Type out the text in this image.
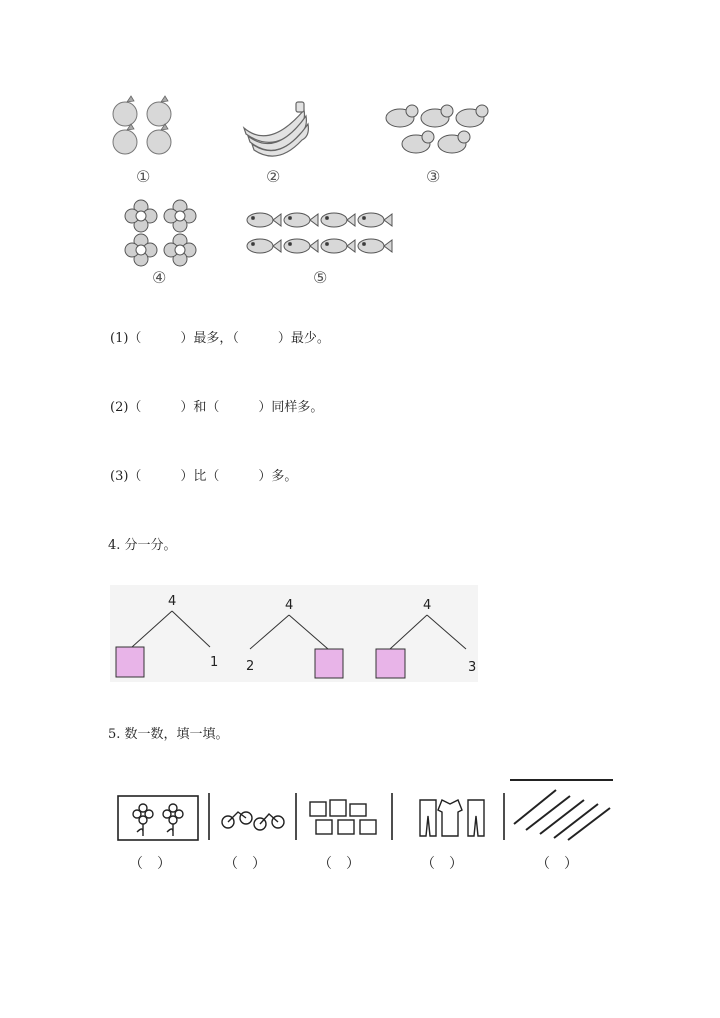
①	②	③
④	⑤
(1)（　　　）最多，（　　　）最少。
(2)（　　　）和（　　　）同样多。
(3)（　　　）比（　　　）多。
4. 分一分。
4
1
4
2
4
3
5. 数一数，填一填。
（　）	（　）	（　）	（　）	（　）
